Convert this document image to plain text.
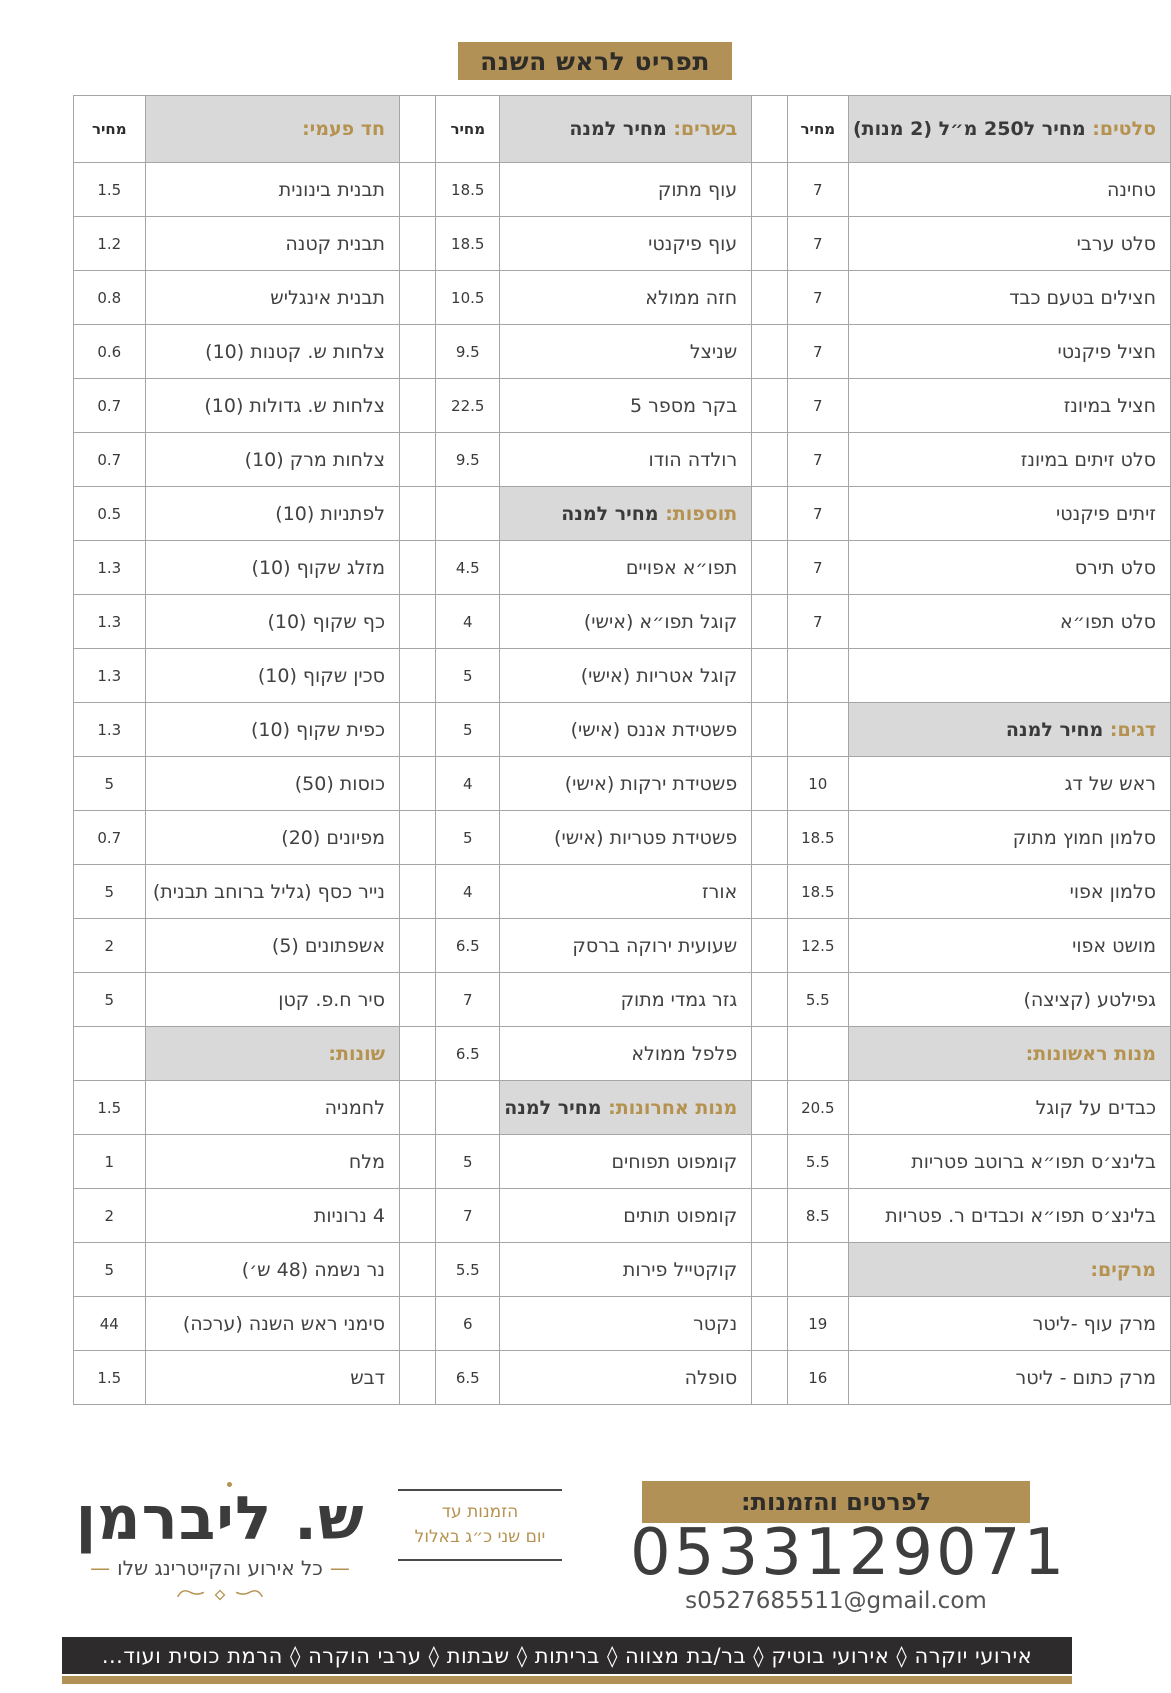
תפריט לראש השנה
סלטים: מחיר ל250 מ״ל (2 מנות)	מחיר		בשרים: מחיר למנה	מחיר		חד פעמי:	מחיר
טחינה	7		עוף מתוק	18.5		תבנית בינונית	1.5
סלט ערבי	7		עוף פיקנטי	18.5		תבנית קטנה	1.2
חצילים בטעם כבד	7		חזה ממולא	10.5		תבנית אינגליש	0.8
חציל פיקנטי	7		שניצל	9.5		צלחות ש. קטנות (10)	0.6
חציל במיונז	7		בקר מספר 5	22.5		צלחות ש. גדולות (10)	0.7
סלט זיתים במיונז	7		רולדה הודו	9.5		צלחות מרק (10)	0.7
זיתים פיקנטי	7		תוספות: מחיר למנה			לפתניות (10)	0.5
סלט תירס	7		תפו״א אפויים	4.5		מזלג שקוף (10)	1.3
סלט תפו״א	7		קוגל תפו״א (אישי)	4		כף שקוף (10)	1.3
			קוגל אטריות (אישי)	5		סכין שקוף (10)	1.3
דגים: מחיר למנה			פשטידת אננס (אישי)	5		כפית שקוף (10)	1.3
ראש של דג	10		פשטידת ירקות (אישי)	4		כוסות (50)	5
סלמון חמוץ מתוק	18.5		פשטידת פטריות (אישי)	5		מפיונים (20)	0.7
סלמון אפוי	18.5		אורז	4		נייר כסף (גליל ברוחב תבנית)	5
מושט אפוי	12.5		שעועית ירוקה ברסק	6.5		אשפתונים (5)	2
גפילטע (קציצה)	5.5		גזר גמדי מתוק	7		סיר ח.פ. קטן	5
מנות ראשונות:			פלפל ממולא	6.5		שונות:	
כבדים על קוגל	20.5		מנות אחרונות: מחיר למנה			לחמניה	1.5
בלינצ׳ס תפו״א ברוטב פטריות	5.5		קומפוט תפוחים	5		מלח	1
בלינצ׳ס תפו״א וכבדים ר. פטריות	8.5		קומפוט תותים	7		4 נרוניות	2
מרקים:			קוקטייל פירות	5.5		נר נשמה (48 ש׳)	5
מרק עוף -ליטר	19		נקטר	6		סימני ראש השנה (ערכה)	44
מרק כתום - ליטר	16		סופלה	6.5		דבש	1.5
ש. ליברמן
— כל אירוע והקייטרינג שלו —
הזמנות עד
יום שני כ״ג באלול
לפרטים והזמנות:
0533129071
s0527685511@gmail.com
אירועי יוקרה ◊ אירועי בוטיק ◊ בר/בת מצווה ◊ בריתות ◊ שבתות ◊ ערבי הוקרה ◊ הרמת כוסית ועוד...
